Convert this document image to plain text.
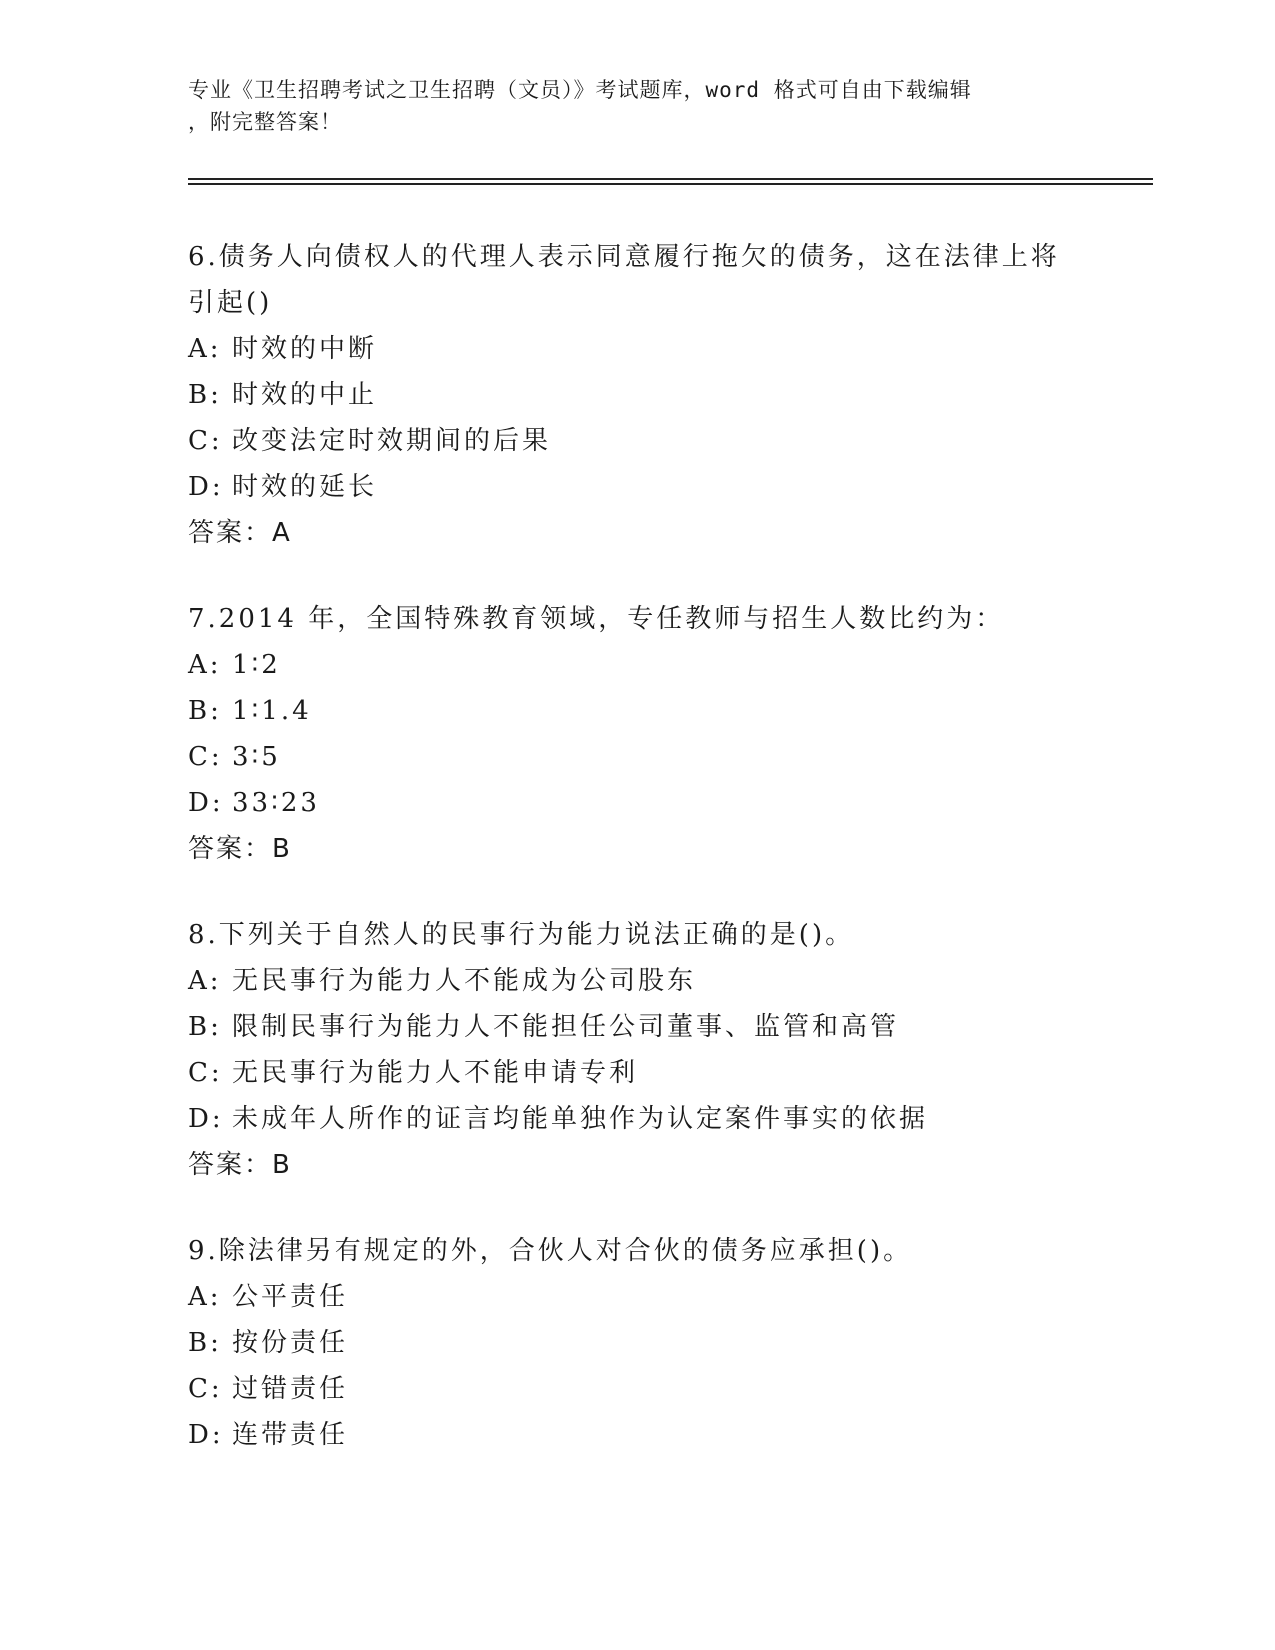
专业《卫生招聘考试之卫生招聘（文员）》考试题库，word 格式可自由下载编辑
，附完整答案！

6.债务人向债权人的代理人表示同意履行拖欠的债务，这在法律上将引起()

A: 时效的中断

B: 时效的中止

C: 改变法定时效期间的后果

D: 时效的延长

答案：A

7.2014 年，全国特殊教育领域，专任教师与招生人数比约为：

A: 1∶2

B: 1∶1.4

C: 3∶5

D: 33∶23

答案：B

8.下列关于自然人的民事行为能力说法正确的是()。

A: 无民事行为能力人不能成为公司股东

B: 限制民事行为能力人不能担任公司董事、监管和高管

C: 无民事行为能力人不能申请专利

D: 未成年人所作的证言均能单独作为认定案件事实的依据

答案：B

9.除法律另有规定的外，合伙人对合伙的债务应承担()。

A: 公平责任

B: 按份责任

C: 过错责任

D: 连带责任
